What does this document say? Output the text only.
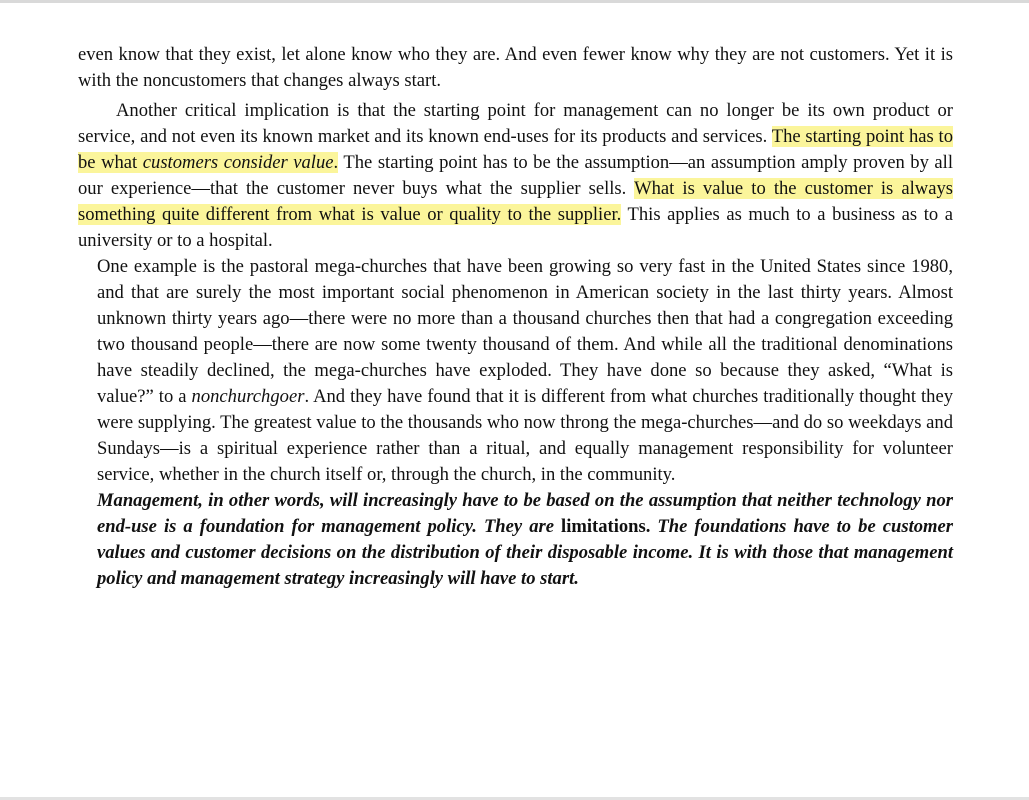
even know that they exist, let alone know who they are. And even fewer know why they are not customers. Yet it is with the noncustomers that changes always start.

Another critical implication is that the starting point for management can no longer be its own product or service, and not even its known market and its known end-uses for its products and services. The starting point has to be what customers consider value. The starting point has to be the assumption—an assumption amply proven by all our experience—that the customer never buys what the supplier sells. What is value to the customer is always something quite different from what is value or quality to the supplier. This applies as much to a business as to a university or to a hospital.

One example is the pastoral mega-churches that have been growing so very fast in the United States since 1980, and that are surely the most important social phenomenon in American society in the last thirty years. Almost unknown thirty years ago—there were no more than a thousand churches then that had a congregation exceeding two thousand people—there are now some twenty thousand of them. And while all the traditional denominations have steadily declined, the mega-churches have exploded. They have done so because they asked, “What is value?” to a nonchurchgoer. And they have found that it is different from what churches traditionally thought they were supplying. The greatest value to the thousands who now throng the mega-churches—and do so weekdays and Sundays—is a spiritual experience rather than a ritual, and equally management responsibility for volunteer service, whether in the church itself or, through the church, in the community.

Management, in other words, will increasingly have to be based on the assumption that neither technology nor end-use is a foundation for management policy. They are limitations. The foundations have to be customer values and customer decisions on the distribution of their disposable income. It is with those that management policy and management strategy increasingly will have to start.
